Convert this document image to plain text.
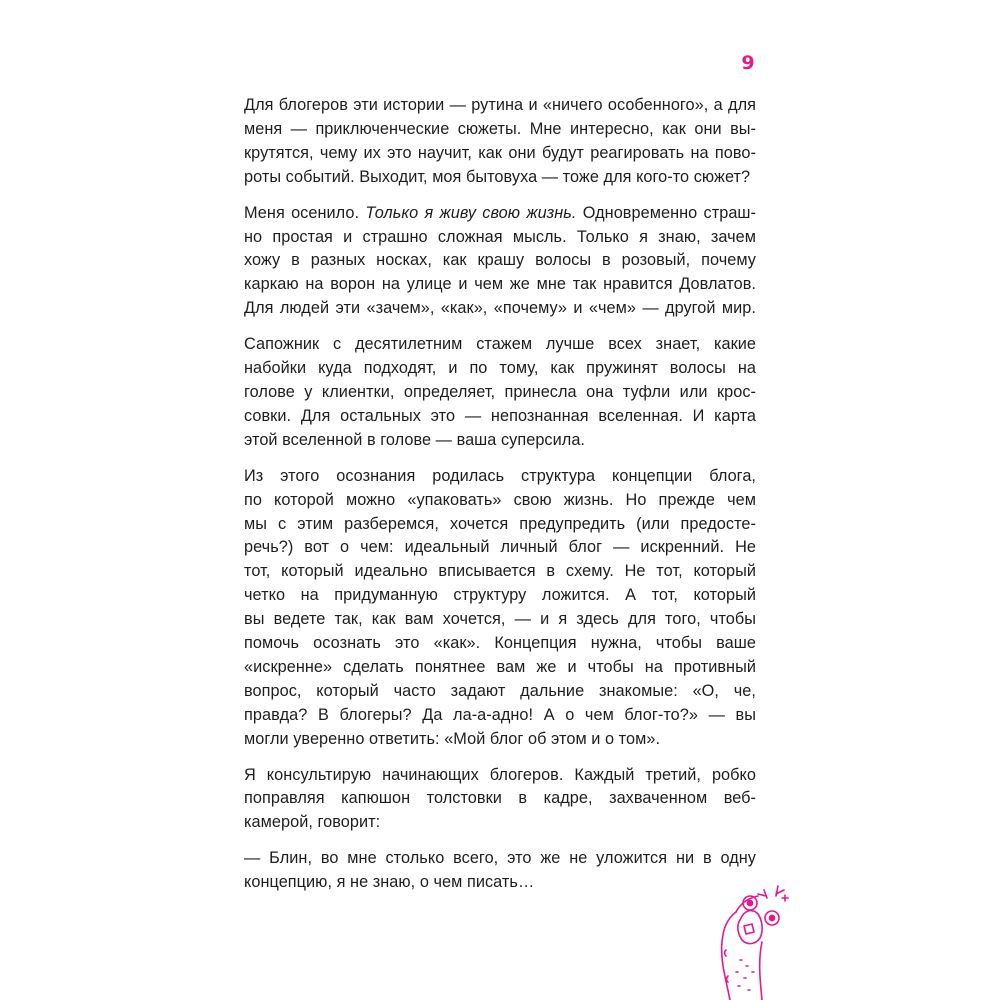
9

Для блогеров эти истории — рутина и «ничего особенного», а для
меня — приключенческие сюжеты. Мне интересно, как они вы-
крутятся, чему их это научит, как они будут реагировать на пово-
роты событий. Выходит, моя бытовуха — тоже для кого-то сюжет?

Меня осенило. Только я живу свою жизнь. Одновременно страш-
но простая и страшно сложная мысль. Только я знаю, зачем
хожу в разных носках, как крашу волосы в розовый, почему
каркаю на ворон на улице и чем же мне так нравится Довлатов.
Для людей эти «зачем», «как», «почему» и «чем» — другой мир.

Сапожник с десятилетним стажем лучше всех знает, какие
набойки куда подходят, и по тому, как пружинят волосы на
голове у клиентки, определяет, принесла она туфли или крос-
совки. Для остальных это — непознанная вселенная. И карта
этой вселенной в голове — ваша суперсила.

Из этого осознания родилась структура концепции блога,
по которой можно «упаковать» свою жизнь. Но прежде чем
мы с этим разберемся, хочется предупредить (или предосте-
речь?) вот о чем: идеальный личный блог — искренний. Не
тот, который идеально вписывается в схему. Не тот, который
четко на придуманную структуру ложится. А тот, который
вы ведете так, как вам хочется, — и я здесь для того, чтобы
помочь осознать это «как». Концепция нужна, чтобы ваше
«искренне» сделать понятнее вам же и чтобы на противный
вопрос, который часто задают дальние знакомые: «О, че,
правда? В блогеры? Да ла-а-адно! А о чем блог-то?» — вы
могли уверенно ответить: «Мой блог об этом и о том».

Я консультирую начинающих блогеров. Каждый третий, робко
поправляя капюшон толстовки в кадре, захваченном веб-
камерой, говорит:

— Блин, во мне столько всего, это же не уложится ни в одну
концепцию, я не знаю, о чем писать…
